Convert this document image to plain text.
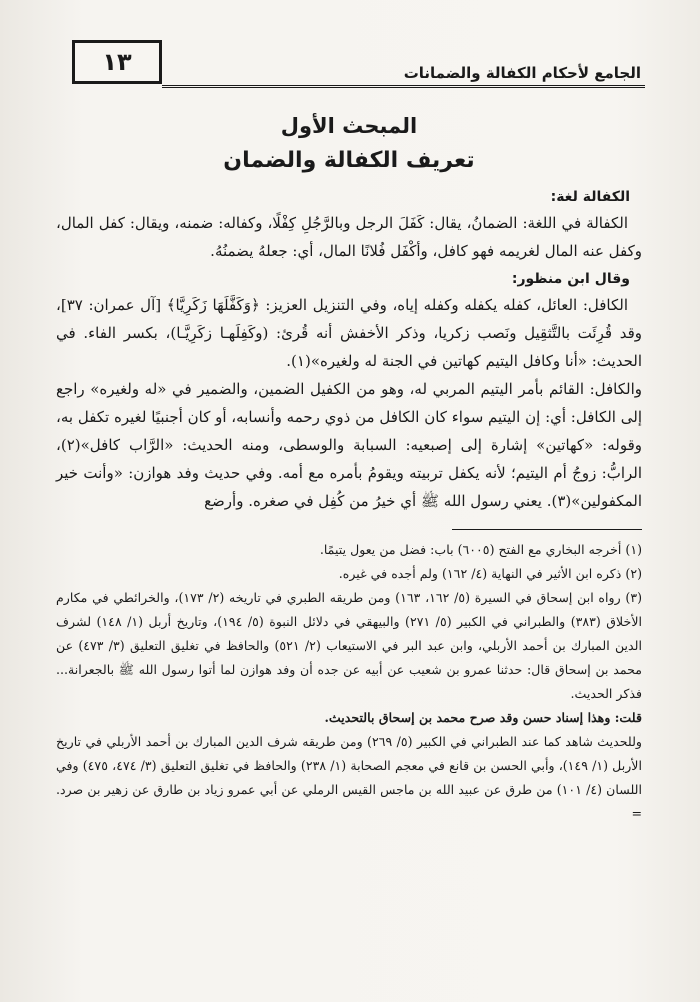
الجامع لأحكام الكفالة والضمانات
١٣
المبحث الأول
تعريف الكفالة والضمان
الكفالة لغة:

الكفالة في اللغة: الضمانُ، يقال: كَفَلَ الرجل وبالرَّجُلِ كِفْلًا، وكفاله: ضمنه، ويقال: كفل المال، وكفل عنه المال لغريمه فهو كافل، وأكْفَل فُلانًا المال، أي: جعلهُ يضمنُهُ.

وقال ابن منظور:

الكافل: العائل، كفله يكفله وكفله إياه، وفي التنزيل العزيز: ﴿وَكَفَّلَهَا زَكَرِيَّا﴾ [آل عمران: ٣٧]، وقد قُرِئَت بالتَّثقِيل ونَصب زكريا، وذكر الأخفش أنه قُرئ: (وكَفِلَهـا زكَرِيَّـا)، بكسر الفاء. في الحديث: «أنا وكافل اليتيم كهاتين في الجنة له ولغيره»(١).

والكافل: القائم بأمر اليتيم المربي له، وهو من الكفيل الضمين، والضمير في «له ولغيره» راجع إلى الكافل: أي: إن اليتيم سواء كان الكافل من ذوي رحمه وأنسابه، أو كان أجنبيًا لغيره تكفل به، وقوله: «كهاتين» إشارة إلى إصبعيه: السبابة والوسطى، ومنه الحديث: «الرَّاب كافل»(٢)، الرابُّ: زوجُ أم اليتيم؛ لأنه يكفل تربيته ويقومُ بأمره مع أمه. وفي حديث وفد هوازن: «وأنت خير المكفولين»(٣). يعني رسول الله ﷺ أي خيرُ من كُفِل في صغره. وأرضع

(١) أخرجه البخاري مع الفتح (٦٠٠٥) باب: فضل من يعول يتيمًا.

(٢) ذكره ابن الأثير في النهاية (٤/ ١٦٢) ولم أجده في غيره.

(٣) رواه ابن إسحاق في السيرة (٥/ ١٦٢، ١٦٣) ومن طريقه الطبري في تاريخه (٢/ ١٧٣)، والخرائطي في مكارم الأخلاق (٣٨٣) والطبراني في الكبير (٥/ ٢٧١) والبيهقي في دلائل النبوة (٥/ ١٩٤)، وتاريخ أربل (١/ ١٤٨) لشرف الدين المبارك بن أحمد الأربلي، وابن عبد البر في الاستيعاب (٢/ ٥٢١) والحافظ في تغليق التعليق (٣/ ٤٧٣) عن محمد بن إسحاق قال: حدثنا عمرو بن شعيب عن أبيه عن جده أن وفد هوازن لما أتوا رسول الله ﷺ بالجعرانة... فذكر الحديث.

قلت: وهذا إسناد حسن وقد صرح محمد بن إسحاق بالتحديث.

وللحديث شاهد كما عند الطبراني في الكبير (٥/ ٢٦٩) ومن طريقه شرف الدين المبارك بن أحمد الأربلي في تاريخ الأربل (١/ ١٤٩)، وأبي الحسن بن قانع في معجم الصحابة (١/ ٢٣٨) والحافظ في تغليق التعليق (٣/ ٤٧٤، ٤٧٥) وفي اللسان (٤/ ١٠١) من طرق عن عبيد الله بن ماجس القيس الرملي عن أبي عمرو زياد بن طارق عن زهير بن صرد. =
